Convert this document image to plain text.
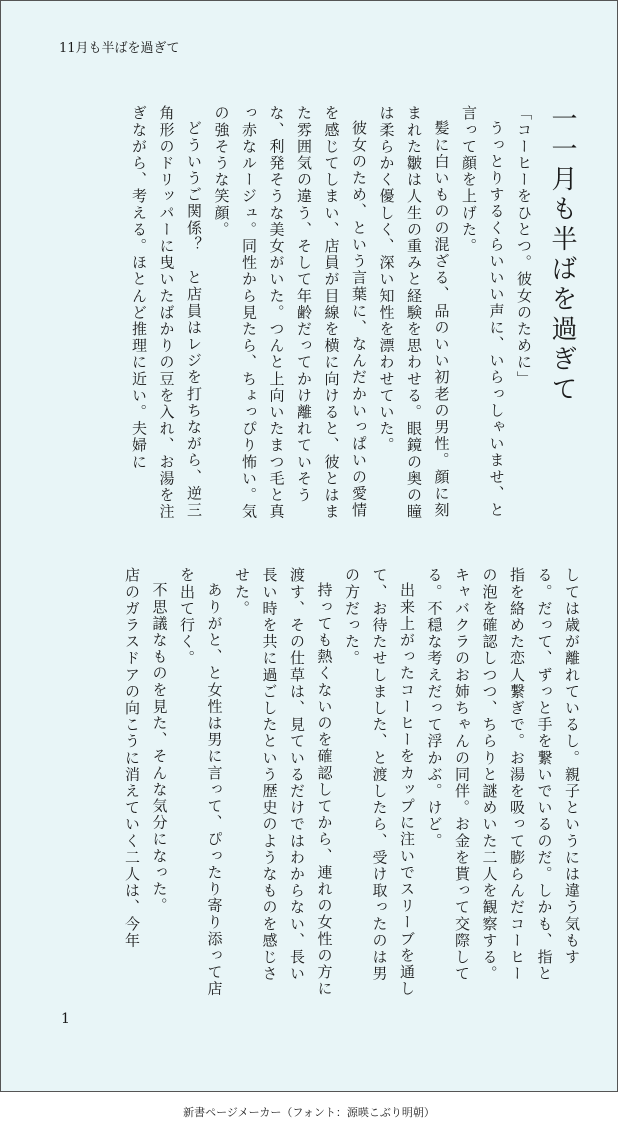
11月も半ばを過ぎて
一一月も半ばを過ぎて

「コーヒーをひとつ。彼女のために」

うっとりするくらいいい声に、いらっしゃいませ、と言って顔を上げた。

髪に白いものの混ざる、品のいい初老の男性。顔に刻まれた皺は人生の重みと経験を思わせる。眼鏡の奥の瞳は柔らかく優しく、深い知性を漂わせていた。

彼女のため、という言葉に、なんだかいっぱいの愛情を感じてしまい、店員が目線を横に向けると、彼とはまた雰囲気の違う、そして年齢だってかけ離れていそうな、利発そうな美女がいた。つんと上向いたまつ毛と真っ赤なルージュ。同性から見たら、ちょっぴり怖い。気の強そうな笑顔。

どういうご関係？　と店員はレジを打ちながら、逆三角形のドリッパーに曳いたばかりの豆を入れ、お湯を注ぎながら、考える。ほとんど推理に近い。夫婦に

しては歳が離れているし。親子というには違う気もする。だって、ずっと手を繋いでいるのだ。しかも、指と指を絡めた恋人繋ぎで。お湯を吸って膨らんだコーヒーの泡を確認しつつ、ちらりと謎めいた二人を観察する。キャバクラのお姉ちゃんの同伴。お金を貰って交際してる。不穏な考えだって浮かぶ。けど。

出来上がったコーヒーをカップに注いでスリーブを通して、お待たせしました、と渡したら、受け取ったのは男の方だった。

持っても熱くないのを確認してから、連れの女性の方に渡す、その仕草は、見ているだけではわからない、長い長い時を共に過ごしたという歴史のようなものを感じさせた。

ありがと、と女性は男に言って、ぴったり寄り添って店を出て行く。

不思議なものを見た、そんな気分になった。

店のガラスドアの向こうに消えていく二人は、今年

1
新書ページメーカー（フォント：源暎こぶり明朝）
